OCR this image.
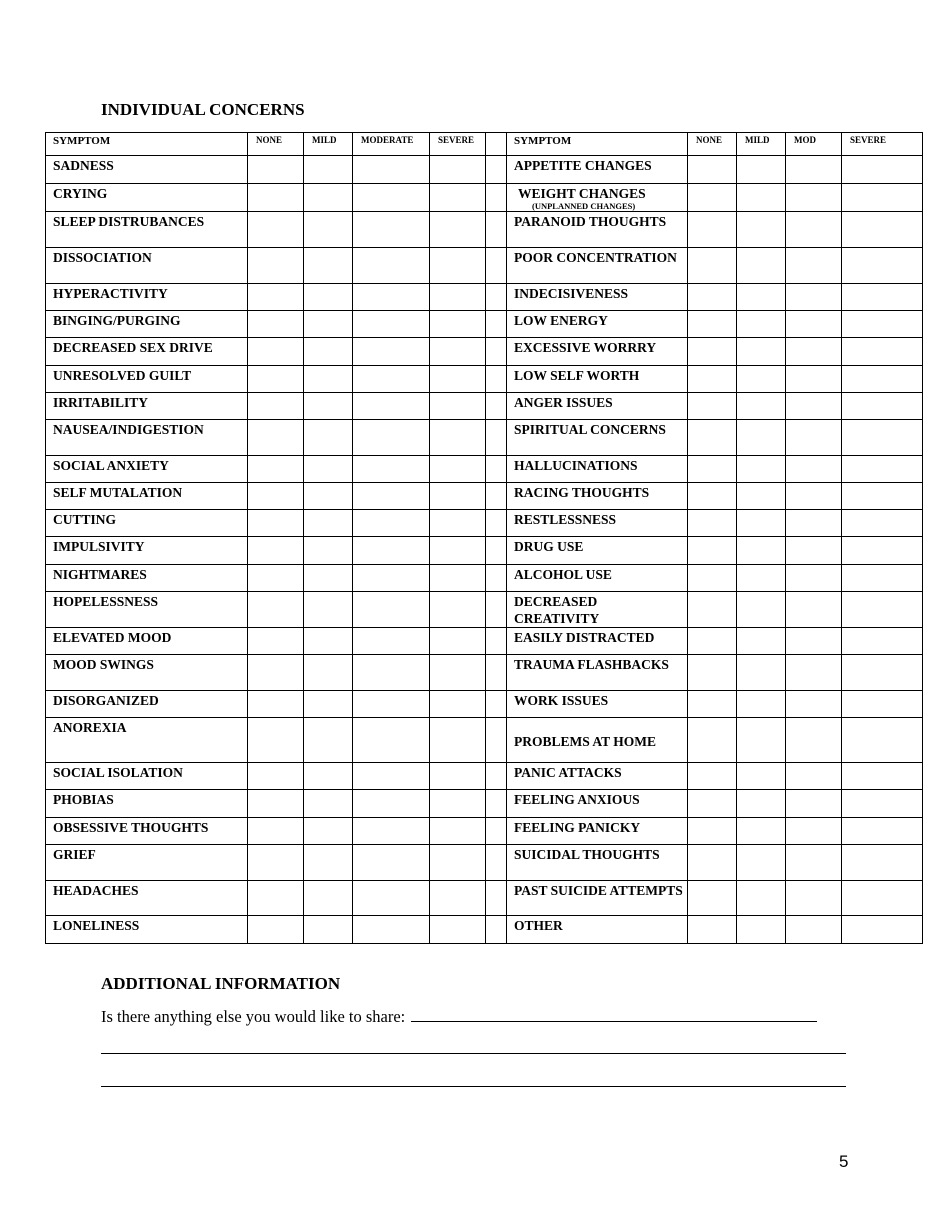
INDIVIDUAL CONCERNS
SYMPTOM	NONE	MILD	MODERATE	SEVERE		SYMPTOM	NONE	MILD	MOD	SEVERE
SADNESS						APPETITE CHANGES				
CRYING						WEIGHT CHANGES
(UNPLANNED CHANGES)				

SLEEP DISTRUBANCES						PARANOID THOUGHTS				
DISSOCIATION						POOR CONCENTRATION				
HYPERACTIVITY						INDECISIVENESS				
BINGING/PURGING						LOW ENERGY				
DECREASED SEX DRIVE						EXCESSIVE WORRRY				
UNRESOLVED GUILT						LOW SELF WORTH				
IRRITABILITY						ANGER ISSUES				
NAUSEA/INDIGESTION						SPIRITUAL CONCERNS				
SOCIAL ANXIETY						HALLUCINATIONS				
SELF MUTALATION						RACING THOUGHTS				
CUTTING						RESTLESSNESS				
IMPULSIVITY						DRUG USE				
NIGHTMARES						ALCOHOL USE				
HOPELESSNESS						DECREASED CREATIVITY				
ELEVATED MOOD						EASILY DISTRACTED				
MOOD SWINGS						TRAUMA FLASHBACKS				
DISORGANIZED						WORK ISSUES				
ANOREXIA						PROBLEMS AT HOME				
SOCIAL ISOLATION						PANIC ATTACKS				
PHOBIAS						FEELING ANXIOUS				
OBSESSIVE THOUGHTS						FEELING PANICKY				
GRIEF						SUICIDAL THOUGHTS				
HEADACHES						PAST SUICIDE ATTEMPTS				
LONELINESS						OTHER				
ADDITIONAL INFORMATION
Is there anything else you would like to share:
5
